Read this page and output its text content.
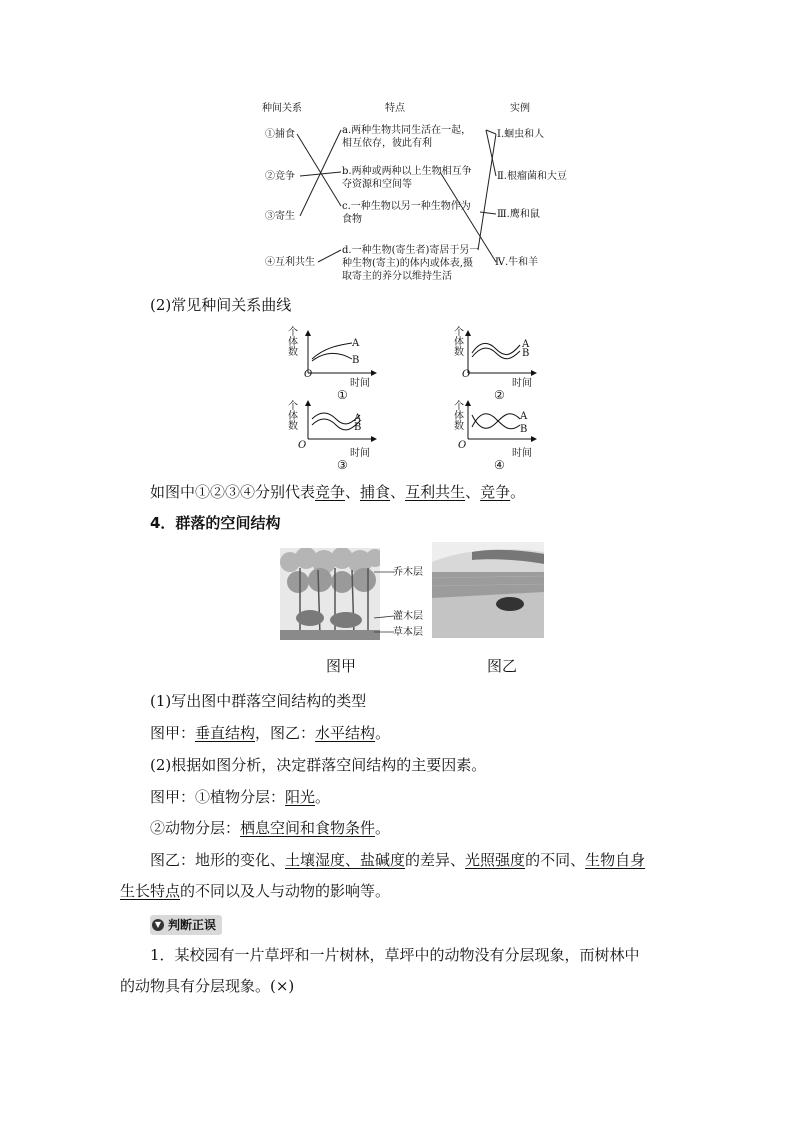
种间关系	特点	实例
①捕食
②竞争
③寄生
④互利共生
a.两种生物共同生活在一起，
相互依存，彼此有利
b.两种或两种以上生物相互争
夺资源和空间等
c.一种生物以另一种生物作为
食物
d.一种生物(寄生者)寄居于另一
种生物(寄主)的体内或体表,摄
取寄主的养分以维持生活
Ⅰ.蛔虫和人
Ⅱ.根瘤菌和大豆
Ⅲ.鹰和鼠
Ⅳ.牛和羊
(2)常见种间关系曲线
个
体
数
O
A
B
时间
①
个
体
数
O
A
B
时间
②
个
体
数
O
A
B
时间
③
个
体
数
O
A
B
时间
④
如图中①②③④分别代表竞争、捕食、互利共生、竞争。
4．群落的空间结构
乔木层
灌木层
草本层
图甲	图乙
(1)写出图中群落空间结构的类型
图甲：垂直结构，图乙：水平结构。
(2)根据如图分析，决定群落空间结构的主要因素。
图甲：①植物分层：阳光。
②动物分层：栖息空间和食物条件。
图乙：地形的变化、土壤湿度、盐碱度的差异、光照强度的不同、生物自身
生长特点的不同以及人与动物的影响等。
▼ 判断正误
1．某校园有一片草坪和一片树林，草坪中的动物没有分层现象，而树林中
的动物具有分层现象。(×)
